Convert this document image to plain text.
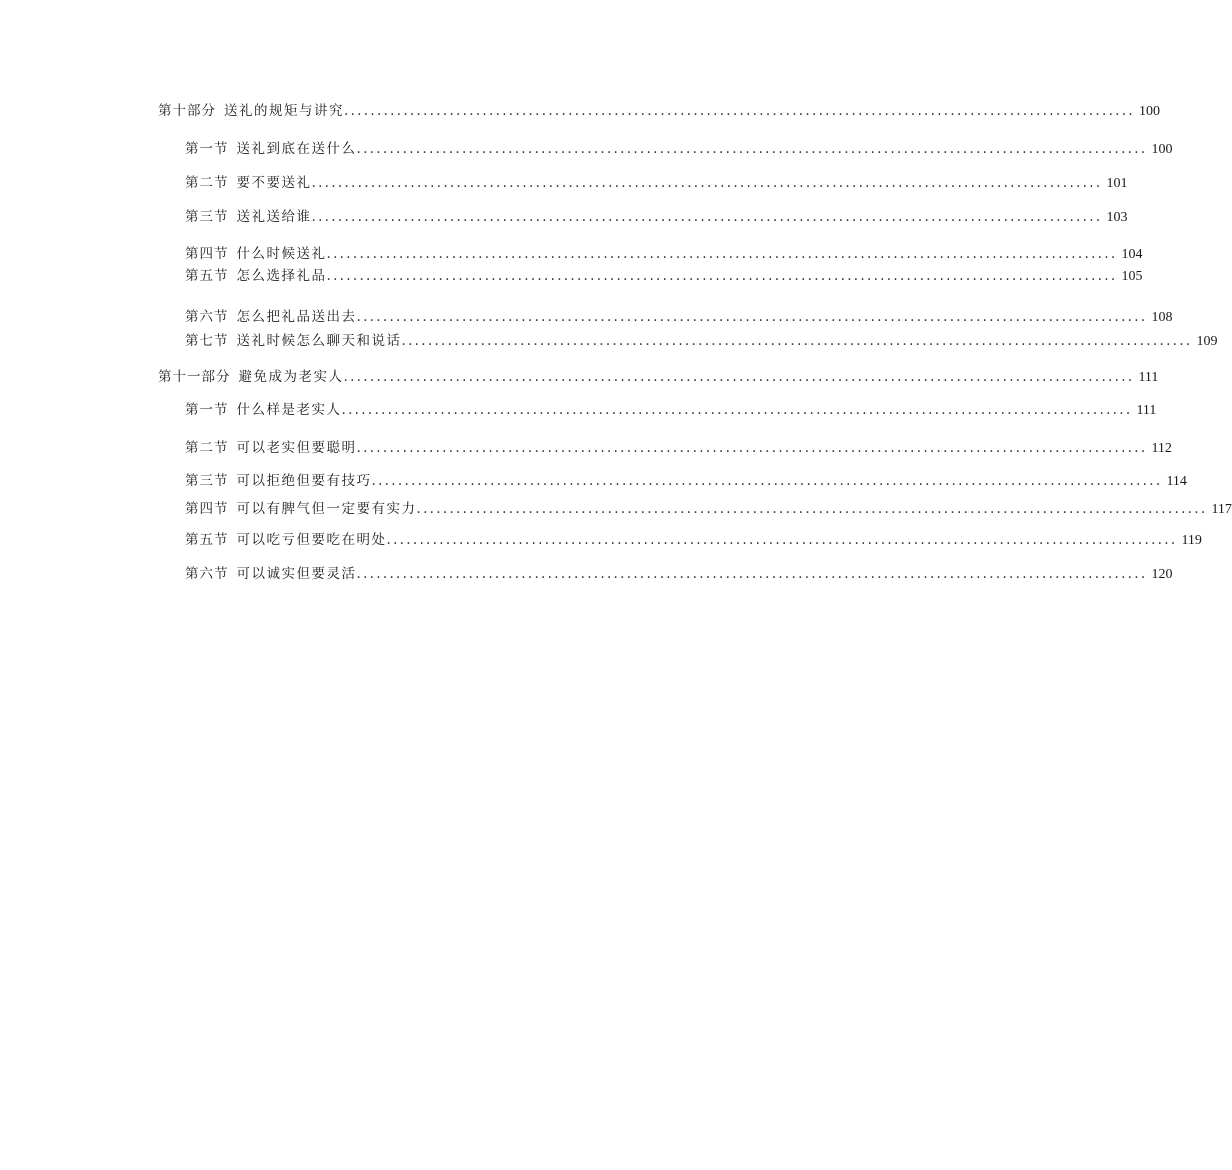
第十部分 送礼的规矩与讲究 ........................................................................................................................ 100
第一节 送礼到底在送什么 ........................................................................................................................ 100
第二节 要不要送礼 ........................................................................................................................ 101
第三节 送礼送给谁 ........................................................................................................................ 103
第四节 什么时候送礼 ........................................................................................................................ 104
第五节 怎么选择礼品 ........................................................................................................................ 105
第六节 怎么把礼品送出去 ........................................................................................................................ 108
第七节 送礼时候怎么聊天和说话 ........................................................................................................................ 109
第十一部分 避免成为老实人 ........................................................................................................................ 111
第一节 什么样是老实人 ........................................................................................................................ 111
第二节 可以老实但要聪明 ........................................................................................................................ 112
第三节 可以拒绝但要有技巧 ........................................................................................................................ 114
第四节 可以有脾气但一定要有实力 ........................................................................................................................ 117
第五节 可以吃亏但要吃在明处 ........................................................................................................................ 119
第六节 可以诚实但要灵活 ........................................................................................................................ 120
